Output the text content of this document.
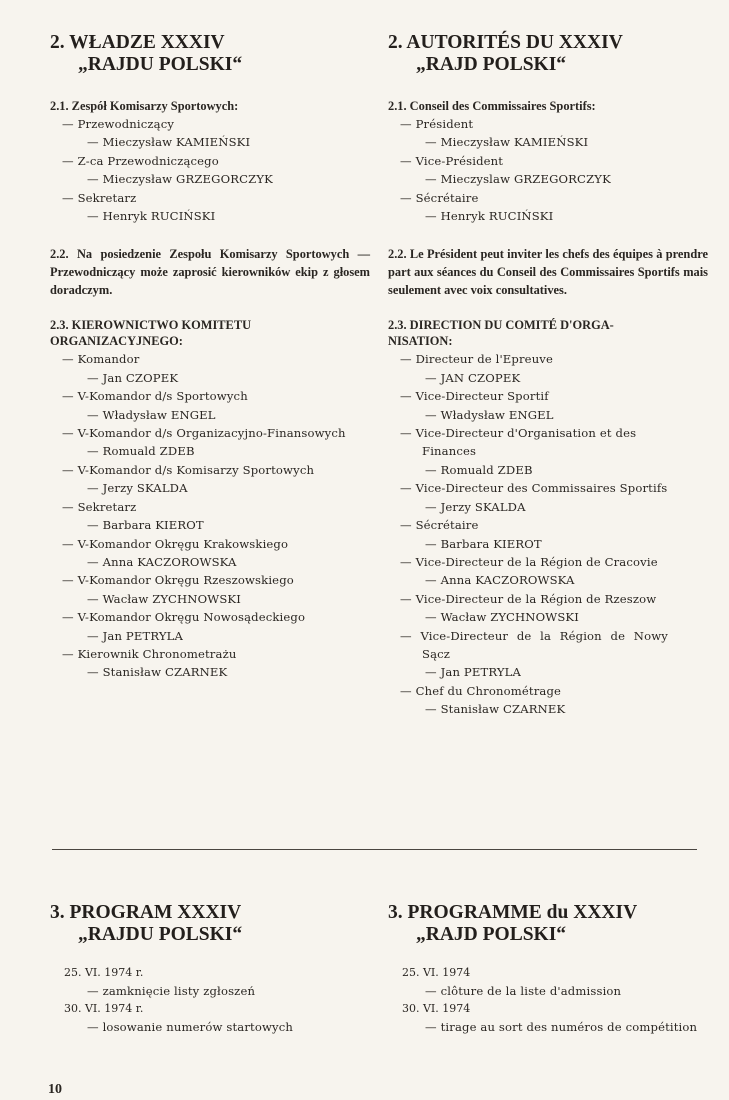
2. WŁADZE XXXIV
„RAJDU POLSKI“

2.1. Zespół Komisarzy Sportowych:

— Przewodniczący
— Mieczysław KAMIEŃSKI
— Z-ca Przewodniczącego
— Mieczysław GRZEGORCZYK
— Sekretarz
— Henryk RUCIŃSKI

2.2. Na posiedzenie Zespołu Komisarzy Sportowych — Przewodniczący może zaprosić kierowników ekip z głosem doradczym.

2.3. KIEROWNICTWO KOMITETU
ORGANIZACYJNEGO:

— Komandor
— Jan CZOPEK
— V-Komandor d/s Sportowych
— Władysław ENGEL
— V-Komandor d/s Organizacyjno-Finansowych
— Romuald ZDEB
— V-Komandor d/s Komisarzy Sportowych
— Jerzy SKALDA
— Sekretarz
— Barbara KIEROT
— V-Komandor Okręgu Krakowskiego
— Anna KACZOROWSKA
— V-Komandor Okręgu Rzeszowskiego
— Wacław ZYCHNOWSKI
— V-Komandor Okręgu Nowosądeckiego
— Jan PETRYLA
— Kierownik Chronometrażu
— Stanisław CZARNEK
2. AUTORITÉS DU XXXIV
„RAJD POLSKI“

2.1. Conseil des Commissaires Sportifs:

— Président
— Mieczysław KAMIEŃSKI
— Vice-Président
— Mieczyslaw GRZEGORCZYK
— Sécrétaire
— Henryk RUCIŃSKI

2.2. Le Président peut inviter les chefs des équipes à prendre part aux séances du Conseil des Commissaires Sportifs mais seulement avec voix consultatives.

2.3. DIRECTION DU COMITÉ D'ORGA-
NISATION:

— Directeur de l'Epreuve
— JAN CZOPEK
— Vice-Directeur Sportif
— Władysław ENGEL
— Vice-Directeur d'Organisation et des Finances
— Romuald ZDEB
— Vice-Directeur des Commissaires Sportifs
— Jerzy SKALDA
— Sécrétaire
— Barbara KIEROT
— Vice-Directeur de la Région de Cracovie
— Anna KACZOROWSKA
— Vice-Directeur de la Région de Rzeszow
— Wacław ZYCHNOWSKI
— Vice-Directeur de la Région de Nowy Sącz
— Jan PETRYLA
— Chef du Chronométrage
— Stanisław CZARNEK
3. PROGRAM XXXIV
„RAJDU POLSKI“
25. VI. 1974 r.
— zamknięcie listy zgłoszeń
30. VI. 1974 r.
— losowanie numerów startowych
3. PROGRAMME du XXXIV
„RAJD POLSKI“
25. VI. 1974
— clôture de la liste d'admission
30. VI. 1974
— tirage au sort des numéros de compétition
10
